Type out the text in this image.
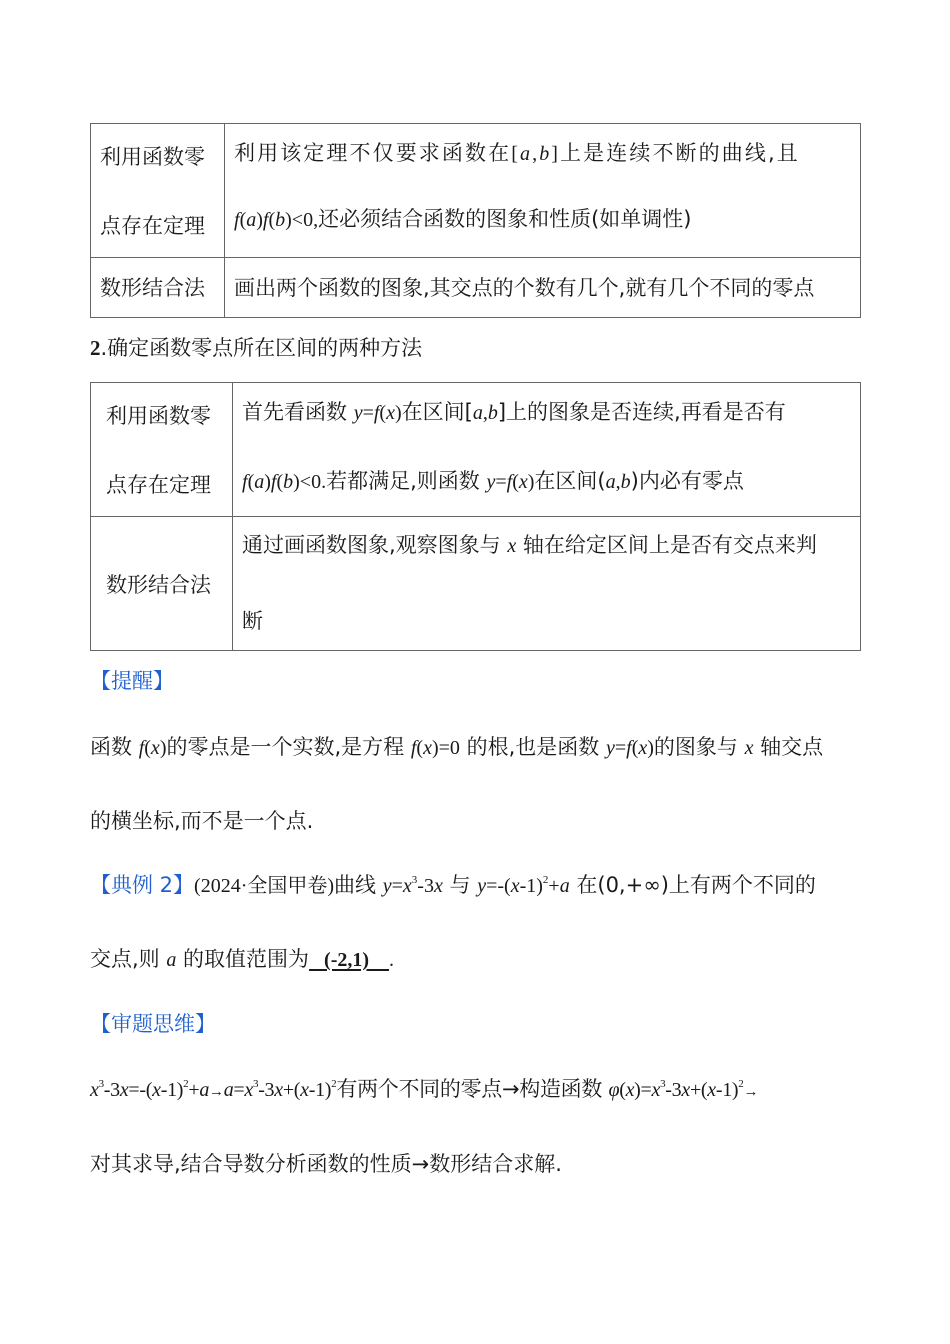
利用函数零
点存在定理	利用该定理不仅要求函数在[a,b]上是连续不断的曲线,且
f(a)f(b)<0,还必须结合函数的图象和性质(如单调性)

数形结合法	画出两个函数的图象,其交点的个数有几个,就有几个不同的零点
2.确定函数零点所在区间的两种方法
利用函数零
点存在定理	首先看函数 y=f(x)在区间[a,b]上的图象是否连续,再看是否有
f(a)f(b)<0.若都满足,则函数 y=f(x)在区间(a,b)内必有零点

数形结合法	通过画函数图象,观察图象与 x 轴在给定区间上是否有交点来判
断
【提醒】
函数 f(x)的零点是一个实数,是方程 f(x)=0 的根,也是函数 y=f(x)的图象与 x 轴交点
的横坐标,而不是一个点.
【典例 2】(2024·全国甲卷)曲线 $y=x^3-3x$ 与 $y=-(x-1)^2+a$ 在(0,+∞)上有两个不同的
交点,则 a 的取值范围为   (-2,1)    .
【审题思维】
$x^3-3x=-(x-1)^2+a\to a=x^3-3x+(x-1)^2$有两个不同的零点→构造函数 $\varphi(x)=x^3-3x+(x-1)^2\to$
对其求导,结合导数分析函数的性质→数形结合求解.
